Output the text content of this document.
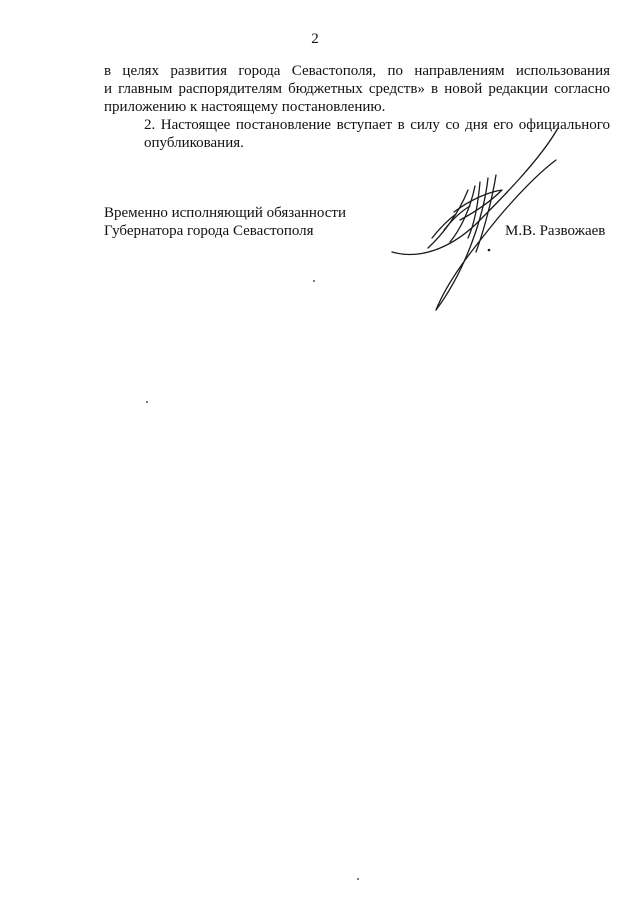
2
в целях развития города Севастополя, по направлениям использования
и главным распорядителям бюджетных средств» в новой редакции согласно
приложению к настоящему постановлению.
2. Настоящее постановление вступает в силу со дня его официального
опубликования.
Временно исполняющий обязанности
Губернатора города Севастополя	М.В. Развожаев
